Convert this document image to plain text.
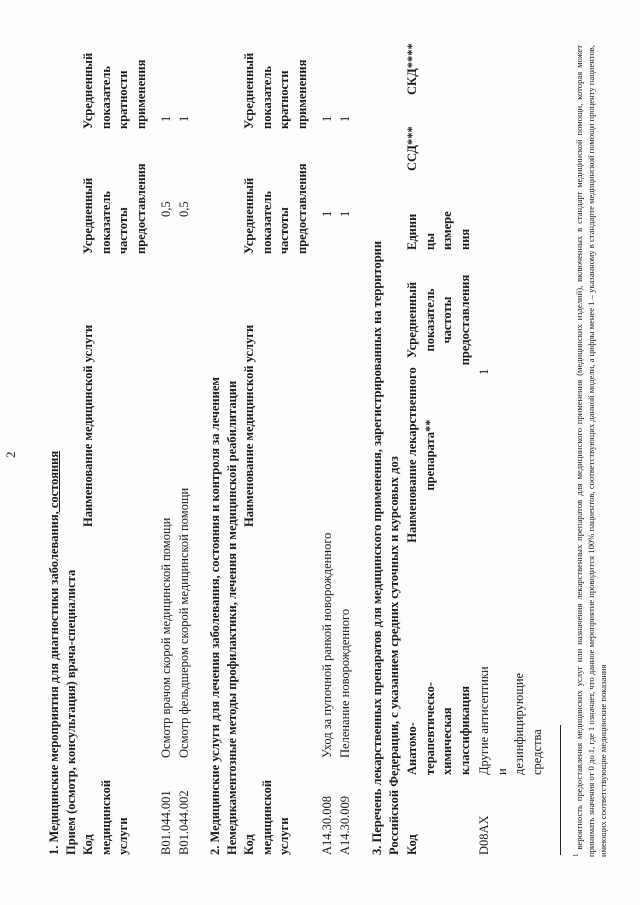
2
1. Медицинские мероприятия для диагностики заболевания, состояния
Прием (осмотр, консультация) врача-специалиста Код медицинской услуги
Наименование медицинской услуги
Усредненный показатель частоты предоставления
Усредненный показатель кратности применения
B01.044.001
Осмотр врачом скорой медицинской помощи
0,5
1
B01.044.002
Осмотр фельдшером скорой медицинской помощи
0,5
1
2. Медицинские услуги для лечения заболевания, состояния и контроля за лечением Немедикаментозные методы профилактики, лечения и медицинской реабилитации Код медицинской услуги
Наименование медицинской услуги
Усредненный показатель частоты предоставления
Усредненный показатель кратности применения
A14.30.008
Уход за пупочной ранкой новорожденного
1
1
A14.30.009
Пеленание новорожденного
1
1
3. Перечень лекарственных препаратов для медицинского применения, зарегистрированных на территории Российской Федерации, с указанием средних суточных и курсовых доз Код
Анатомо- терапевтическо- химическая классификация
Наименование лекарственного препарата**
Усредненный показатель частоты предоставления
Едини цы измере ния
ССД***
СКД****
D08AX
Другие антисептики и дезинфицирующие средства
1
$^1$ вероятность предоставления медицинских услуг или назначения лекарственных препаратов для медицинского применения (медицинских изделий), включенных в стандарт медицинской помощи, которая может принимать значения от 0 до 1, где 1 означает, что данное мероприятие проводится 100% пациентов, соответствующих данной модели, а цифры менее 1 – указанному в стандарте медицинской помощи проценту пациентов, имеющих соответствующие медицинские показания
